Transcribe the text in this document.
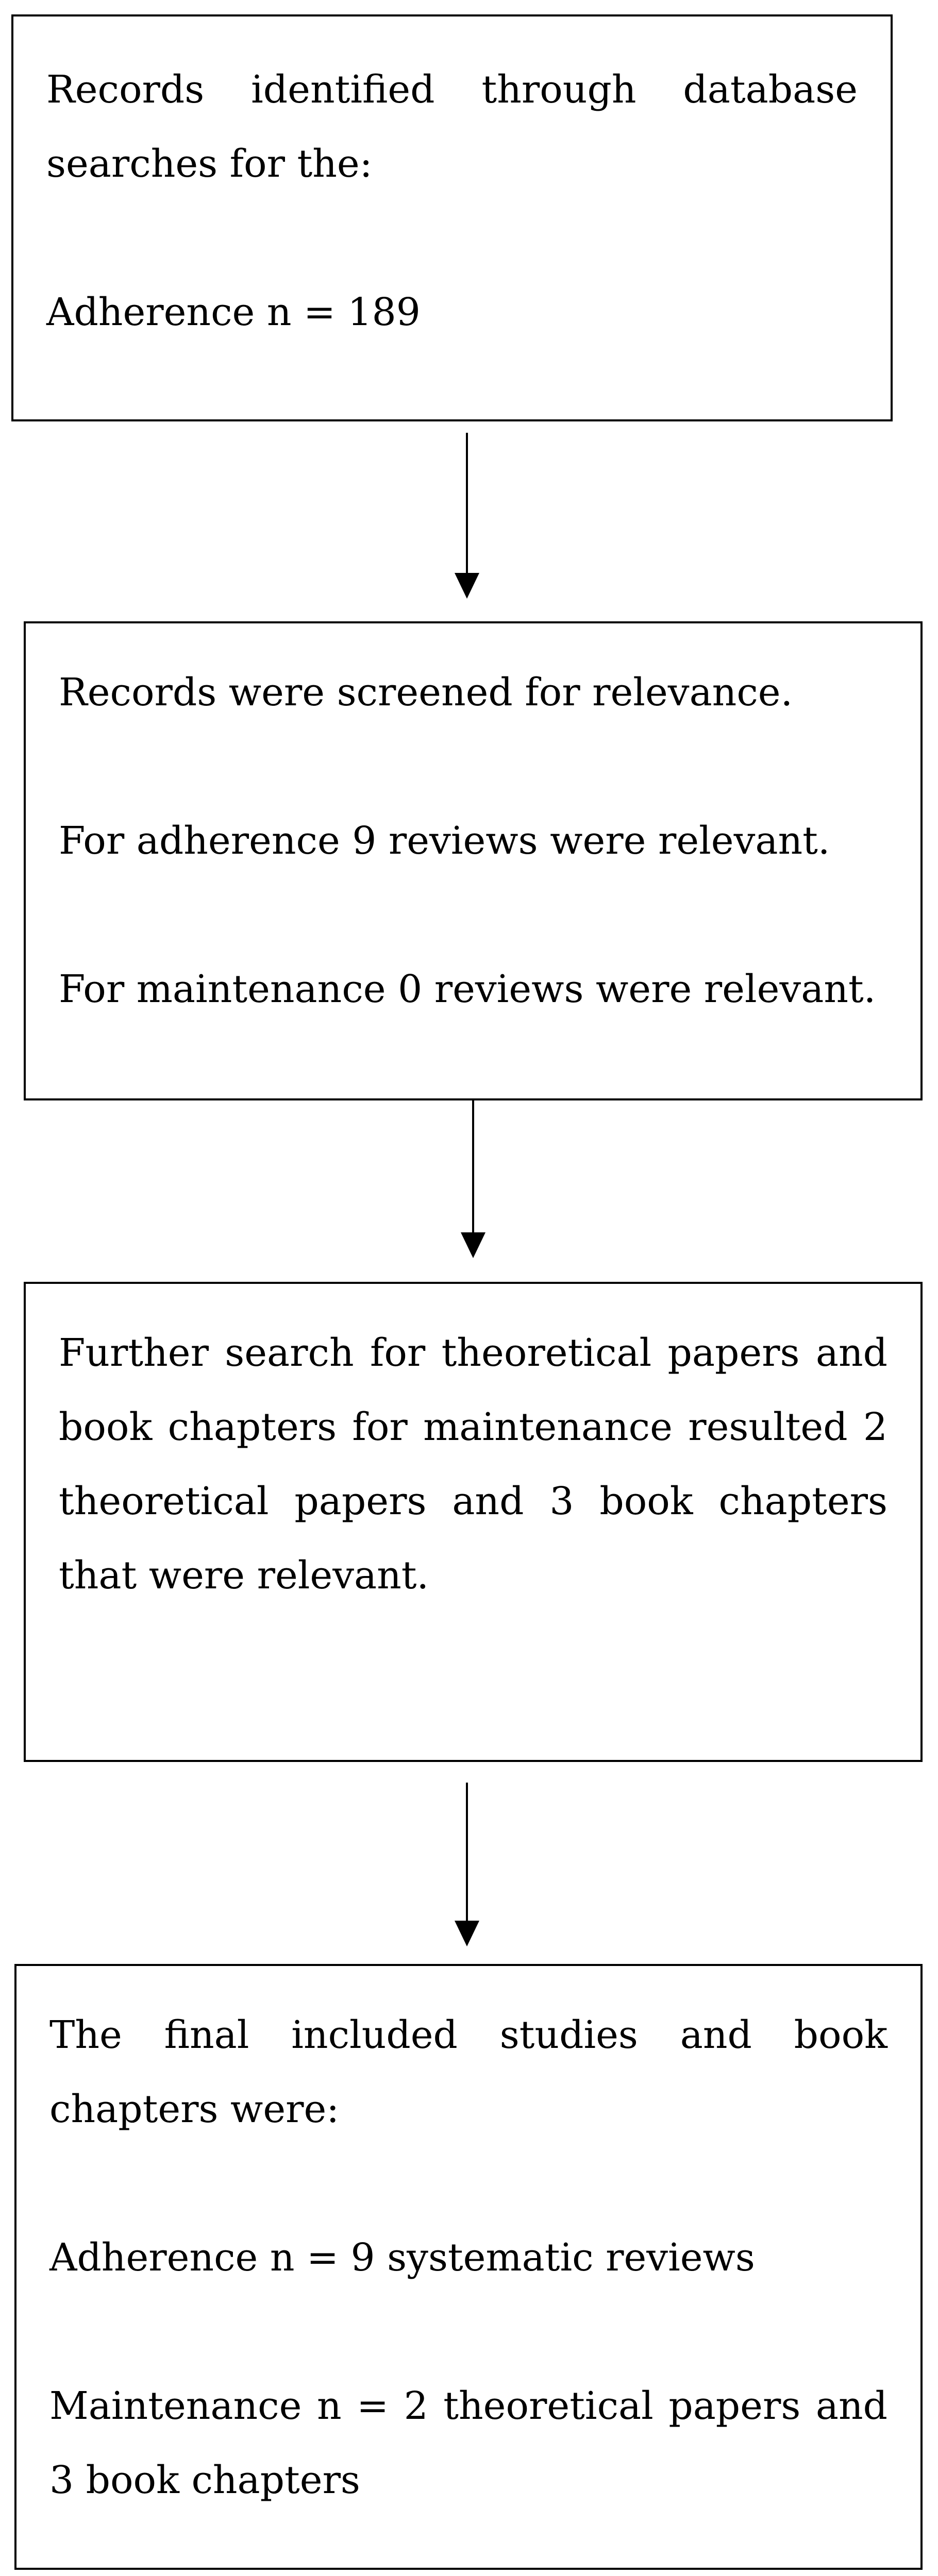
Records identified through database searches for the:

Adherence n = 189

Records were screened for relevance.

For adherence 9 reviews were relevant.

For maintenance 0 reviews were relevant.

Further search for theoretical papers and book chapters for maintenance resulted 2 theoretical papers and 3 book chapters that were relevant.

The final included studies and book chapters were:

Adherence n = 9 systematic reviews

Maintenance n = 2 theoretical papers and 3 book chapters
